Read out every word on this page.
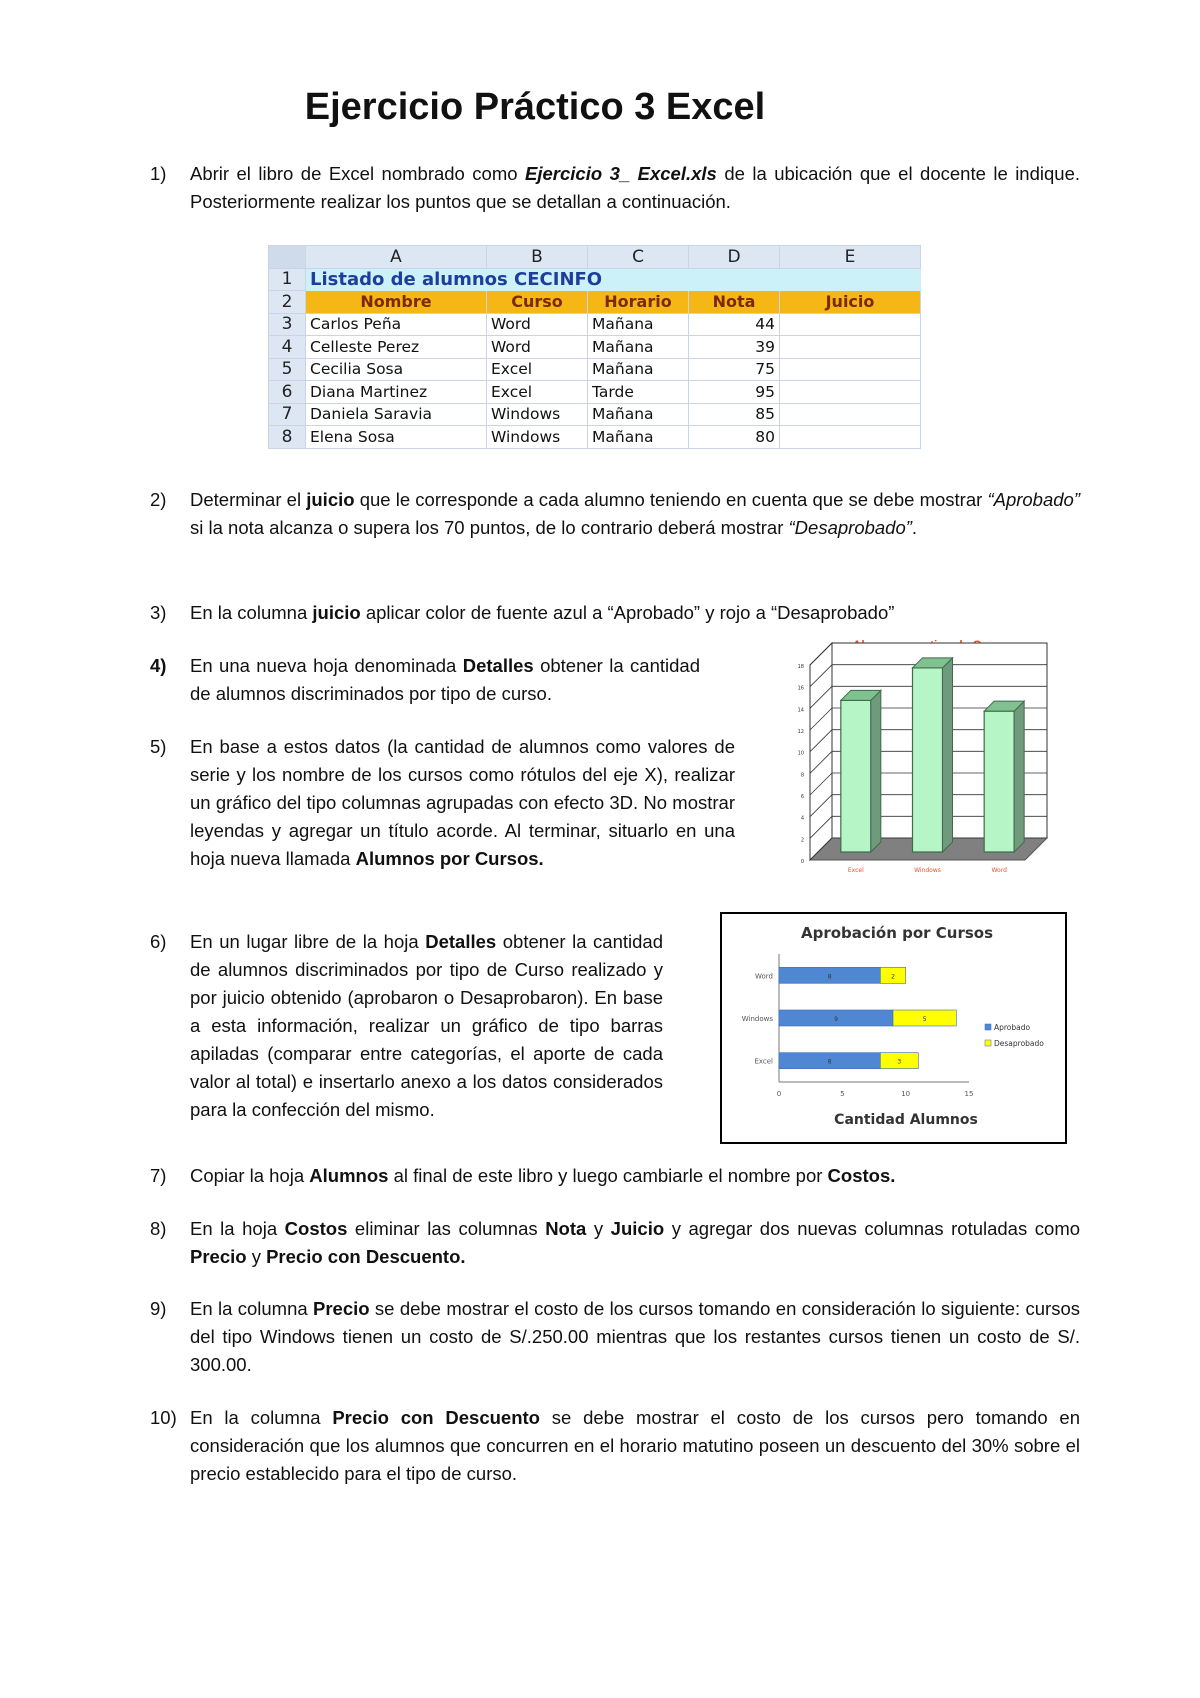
Ejercicio Práctico 3 Excel
1) Abrir el libro de Excel nombrado como Ejercicio 3_ Excel.xls de la ubicación que el docente le indique. Posteriormente realizar los puntos que se detallan a continuación.
	A	B	C	D	E
1	Listado de alumnos CECINFO				
2	Nombre	Curso	Horario	Nota	Juicio
3	Carlos Peña	Word	Mañana	44	
4	Celleste Perez	Word	Mañana	39	
5	Cecilia Sosa	Excel	Mañana	75	
6	Diana Martinez	Excel	Tarde	95	
7	Daniela Saravia	Windows	Mañana	85	
8	Elena Sosa	Windows	Mañana	80	
2) Determinar el juicio que le corresponde a cada alumno teniendo en cuenta que se debe mostrar “Aprobado” si la nota alcanza o supera los 70 puntos, de lo contrario deberá mostrar “Desaprobado”.
3) En la columna juicio aplicar color de fuente azul a “Aprobado” y rojo a “Desaprobado”
4) En una nueva hoja denominada Detalles obtener la cantidad de alumnos discriminados por tipo de curso.
5) En base a estos datos (la cantidad de alumnos como valores de serie y los nombre de los cursos como rótulos del eje X), realizar un gráfico del tipo columnas agrupadas con efecto 3D. No mostrar leyendas y agregar un título acorde. Al terminar, situarlo en una hoja nueva llamada Alumnos por Cursos.	0
2
4
6
8
10
12
14
16
18
Excel	Windows	Word
6) En un lugar libre de la hoja Detalles obtener la cantidad de alumnos discriminados por tipo de Curso realizado y por juicio obtenido (aprobaron o Desaprobaron). En base a esta información, realizar un gráfico de tipo barras apiladas (comparar entre categorías, el aporte de cada valor al total) e insertarlo anexo a los datos considerados para la confección del mismo.
Aprobación por Cursos
Cantidad Alumnos
0	5	10	15
Word
Windows
Excel
8	2
9	5
8	3
Aprobado
Desaprobado
7) Copiar la hoja Alumnos al final de este libro y luego cambiarle el nombre por Costos.
8) En la hoja Costos eliminar las columnas Nota y Juicio y agregar dos nuevas columnas rotuladas como Precio y Precio con Descuento.
9) En la columna Precio se debe mostrar el costo de los cursos tomando en consideración lo siguiente: cursos del tipo Windows tienen un costo de S/.250.00 mientras que los restantes cursos tienen un costo de S/. 300.00.
10) En la columna Precio con Descuento se debe mostrar el costo de los cursos pero tomando en consideración que los alumnos que concurren en el horario matutino poseen un descuento del 30% sobre el precio establecido para el tipo de curso.
